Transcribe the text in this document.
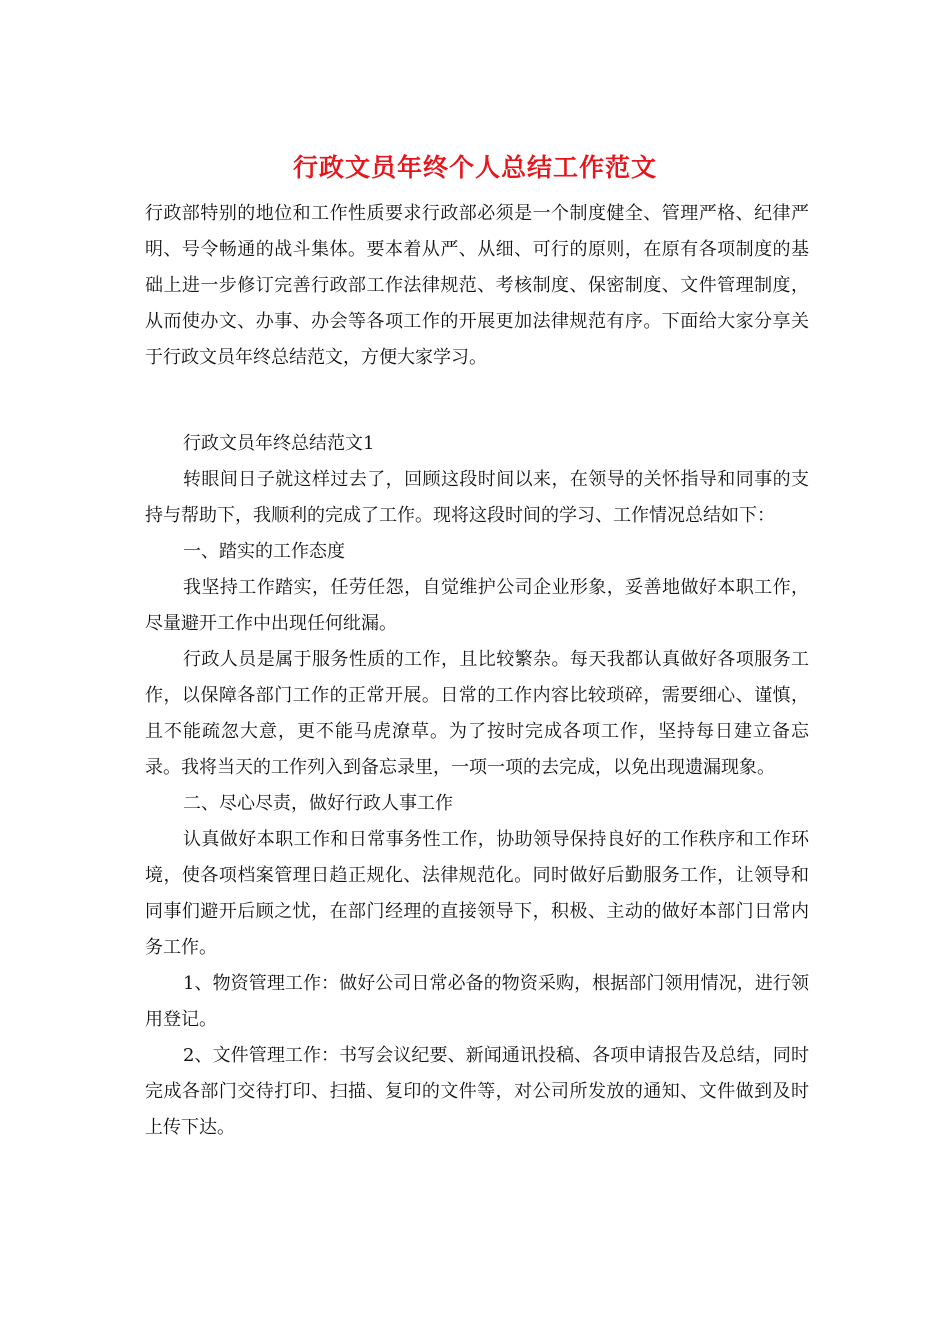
行政文员年终个人总结工作范文

行政部特别的地位和工作性质要求行政部必须是一个制度健全、管理严格、纪律严明、号令畅通的战斗集体。要本着从严、从细、可行的原则，在原有各项制度的基础上进一步修订完善行政部工作法律规范、考核制度、保密制度、文件管理制度，从而使办文、办事、办会等各项工作的开展更加法律规范有序。下面给大家分享关于行政文员年终总结范文，方便大家学习。

行政文员年终总结范文1

转眼间日子就这样过去了，回顾这段时间以来，在领导的关怀指导和同事的支持与帮助下，我顺利的完成了工作。现将这段时间的学习、工作情况总结如下：

一、踏实的工作态度

我坚持工作踏实，任劳任怨，自觉维护公司企业形象，妥善地做好本职工作，尽量避开工作中出现任何纰漏。

行政人员是属于服务性质的工作，且比较繁杂。每天我都认真做好各项服务工作，以保障各部门工作的正常开展。日常的工作内容比较琐碎，需要细心、谨慎，且不能疏忽大意，更不能马虎潦草。为了按时完成各项工作，坚持每日建立备忘录。我将当天的工作列入到备忘录里，一项一项的去完成，以免出现遗漏现象。

二、尽心尽责，做好行政人事工作

认真做好本职工作和日常事务性工作，协助领导保持良好的工作秩序和工作环境，使各项档案管理日趋正规化、法律规范化。同时做好后勤服务工作，让领导和同事们避开后顾之忧，在部门经理的直接领导下，积极、主动的做好本部门日常内务工作。

1、物资管理工作：做好公司日常必备的物资采购，根据部门领用情况，进行领用登记。

2、文件管理工作：书写会议纪要、新闻通讯投稿、各项申请报告及总结，同时完成各部门交待打印、扫描、复印的文件等，对公司所发放的通知、文件做到及时上传下达。
